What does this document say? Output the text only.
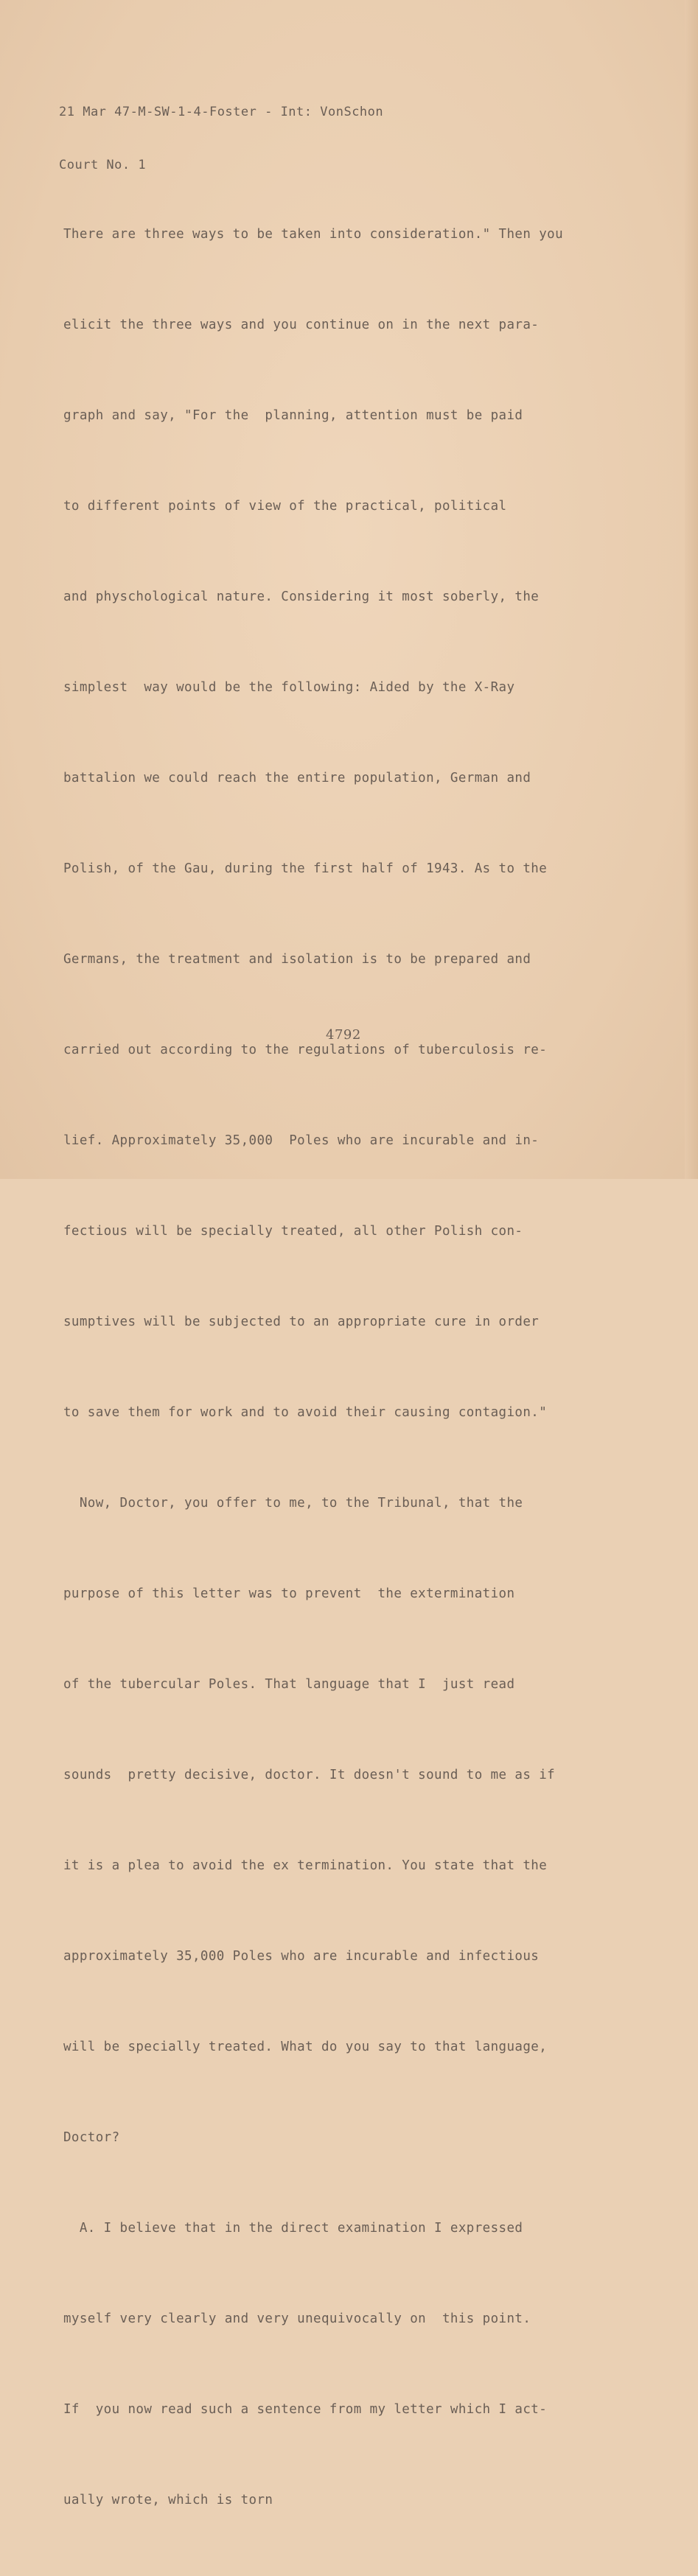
21 Mar 47-M-SW-1-4-Foster - Int: VonSchon

Court No. 1

There are three ways to be taken into consideration." Then you

elicit the three ways and you continue on in the next para-

graph and say, "For the  planning, attention must be paid

to different points of view of the practical, political

and physchological nature. Considering it most soberly, the

simplest  way would be the following: Aided by the X-Ray

battalion we could reach the entire population, German and

Polish, of the Gau, during the first half of 1943. As to the

Germans, the treatment and isolation is to be prepared and

carried out according to the regulations of tuberculosis re-

lief. Approximately 35,000  Poles who are incurable and in-

fectious will be specially treated, all other Polish con-

sumptives will be subjected to an appropriate cure in order

to save them for work and to avoid their causing contagion."

Now, Doctor, you offer to me, to the Tribunal, that the

purpose of this letter was to prevent  the extermination

of the tubercular Poles. That language that I  just read

sounds  pretty decisive, doctor. It doesn't sound to me as if

it is a plea to avoid the ex termination. You state that the

approximately 35,000 Poles who are incurable and infectious

will be specially treated. What do you say to that language,

Doctor?

A. I believe that in the direct examination I expressed

myself very clearly and very unequivocally on  this point.

If  you now read such a sentence from my letter which I act-

ually wrote, which is torn

4792
